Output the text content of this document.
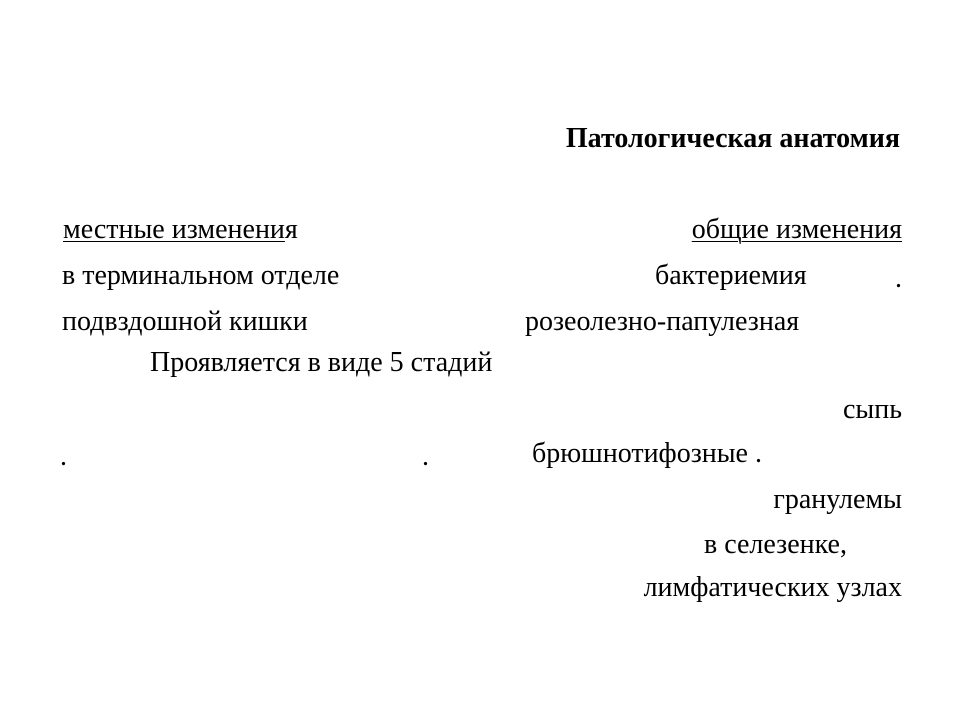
Патологическая анатомия
местные изменения
в терминальном отделе
подвздошной кишки
Проявляется в виде 5 стадий
.	.
общие изменения
бактериемия	.
розеолезно-папулезная
сыпь
брюшнотифозные .
гранулемы
в селезенке,
лимфатических узлах
